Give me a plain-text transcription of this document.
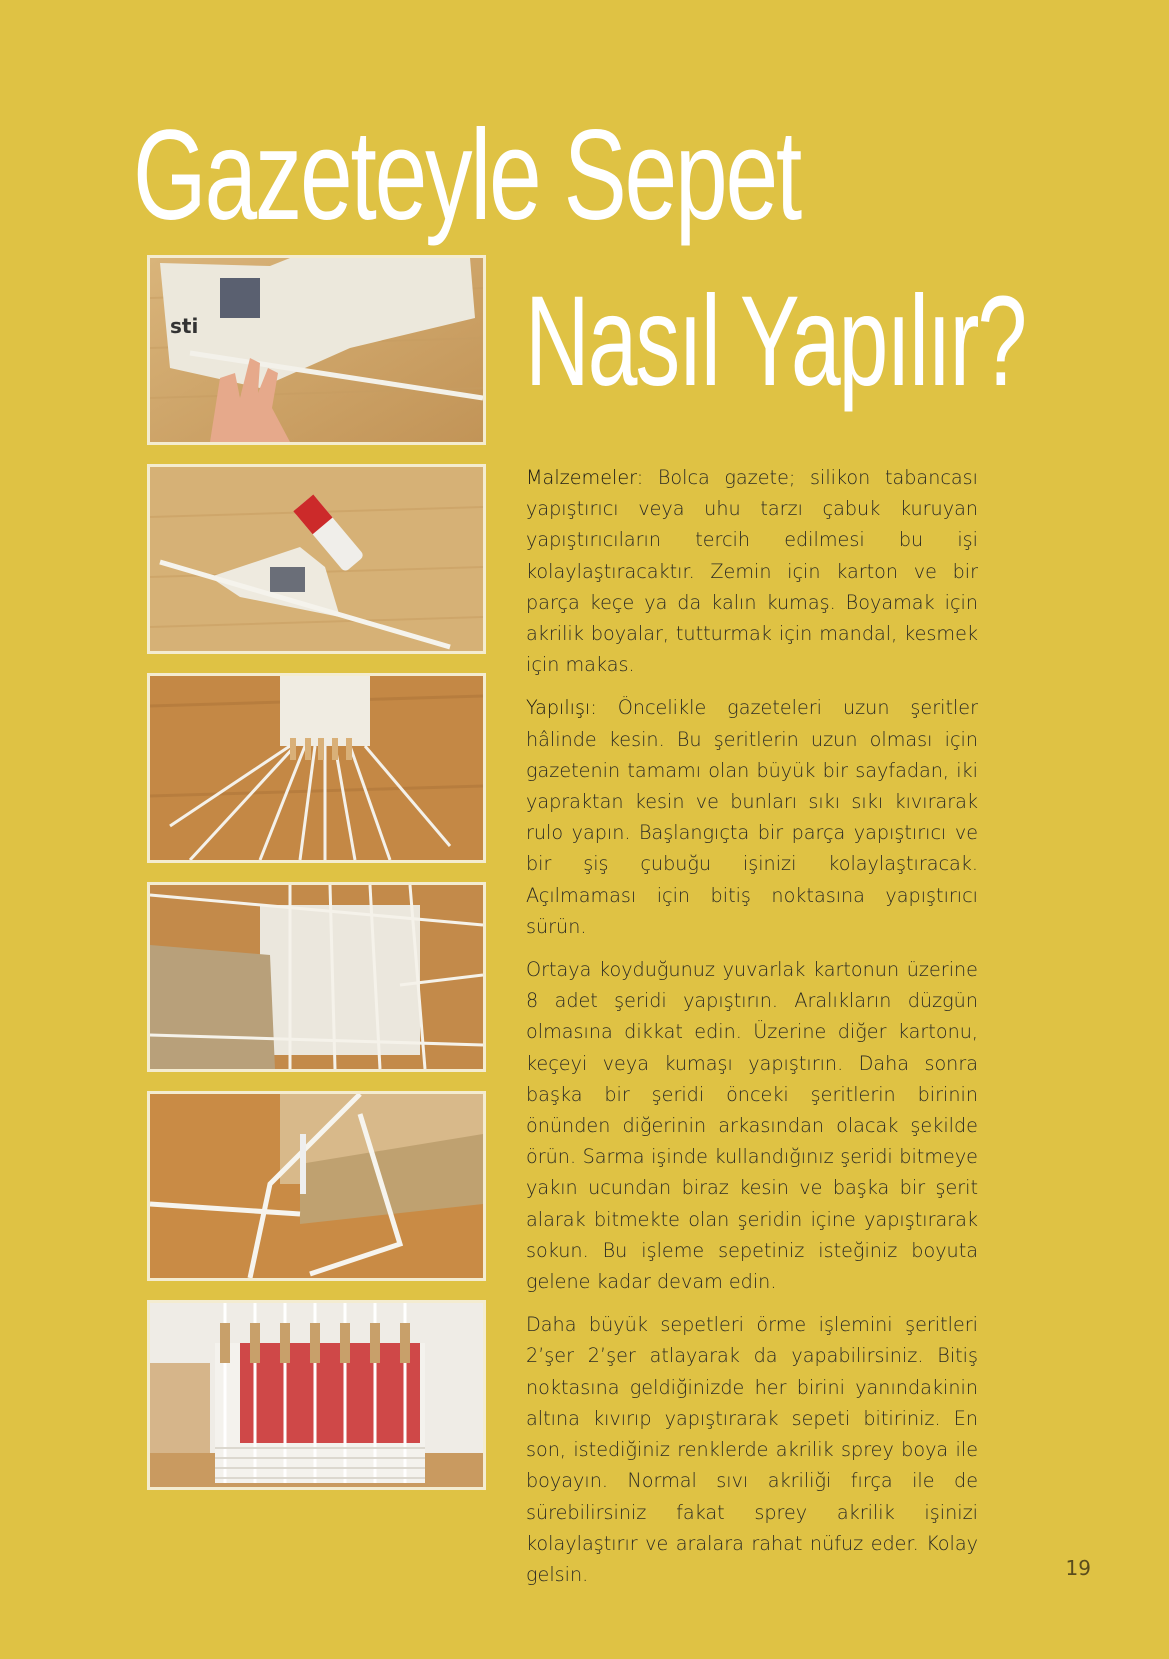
Gazeteyle Sepet
Nasıl Yapılır?
sti

Malzemeler: Bolca gazete; silikon tabancası yapıştırıcı veya uhu tarzı çabuk kuruyan yapıştırıcıların tercih edilmesi bu işi kolaylaştıracaktır. Zemin için karton ve bir parça keçe ya da kalın kumaş. Boyamak için akrilik boyalar, tutturmak için mandal, kesmek için makas.

Yapılışı: Öncelikle gazeteleri uzun şeritler hâlinde kesin. Bu şeritlerin uzun olması için gazetenin tamamı olan büyük bir sayfadan, iki yapraktan kesin ve bunları sıkı sıkı kıvırarak rulo yapın. Başlangıçta bir parça yapıştırıcı ve bir şiş çubuğu işinizi kolaylaştıracak. Açılmaması için bitiş noktasına yapıştırıcı sürün.

Ortaya koyduğunuz yuvarlak kartonun üzerine 8 adet şeridi yapıştırın. Aralıkların düzgün olmasına dikkat edin. Üzerine diğer kartonu, keçeyi veya kumaşı yapıştırın. Daha sonra başka bir şeridi önceki şeritlerin birinin önünden diğerinin arkasından olacak şekilde örün. Sarma işinde kullandığınız şeridi bitmeye yakın ucundan biraz kesin ve başka bir şerit alarak bitmekte olan şeridin içine yapıştırarak sokun. Bu işleme sepetiniz isteğiniz boyuta gelene kadar devam edin.

Daha büyük sepetleri örme işlemini şeritleri 2’şer 2’şer atlayarak da yapabilirsiniz. Bitiş noktasına geldiğinizde her birini yanındakinin altına kıvırıp yapıştırarak sepeti bitiriniz. En son, istediğiniz renklerde akrilik sprey boya ile boyayın. Normal sıvı akriliği fırça ile de sürebilirsiniz fakat sprey akrilik işinizi kolaylaştırır ve aralara rahat nüfuz eder. Kolay gelsin.	19
